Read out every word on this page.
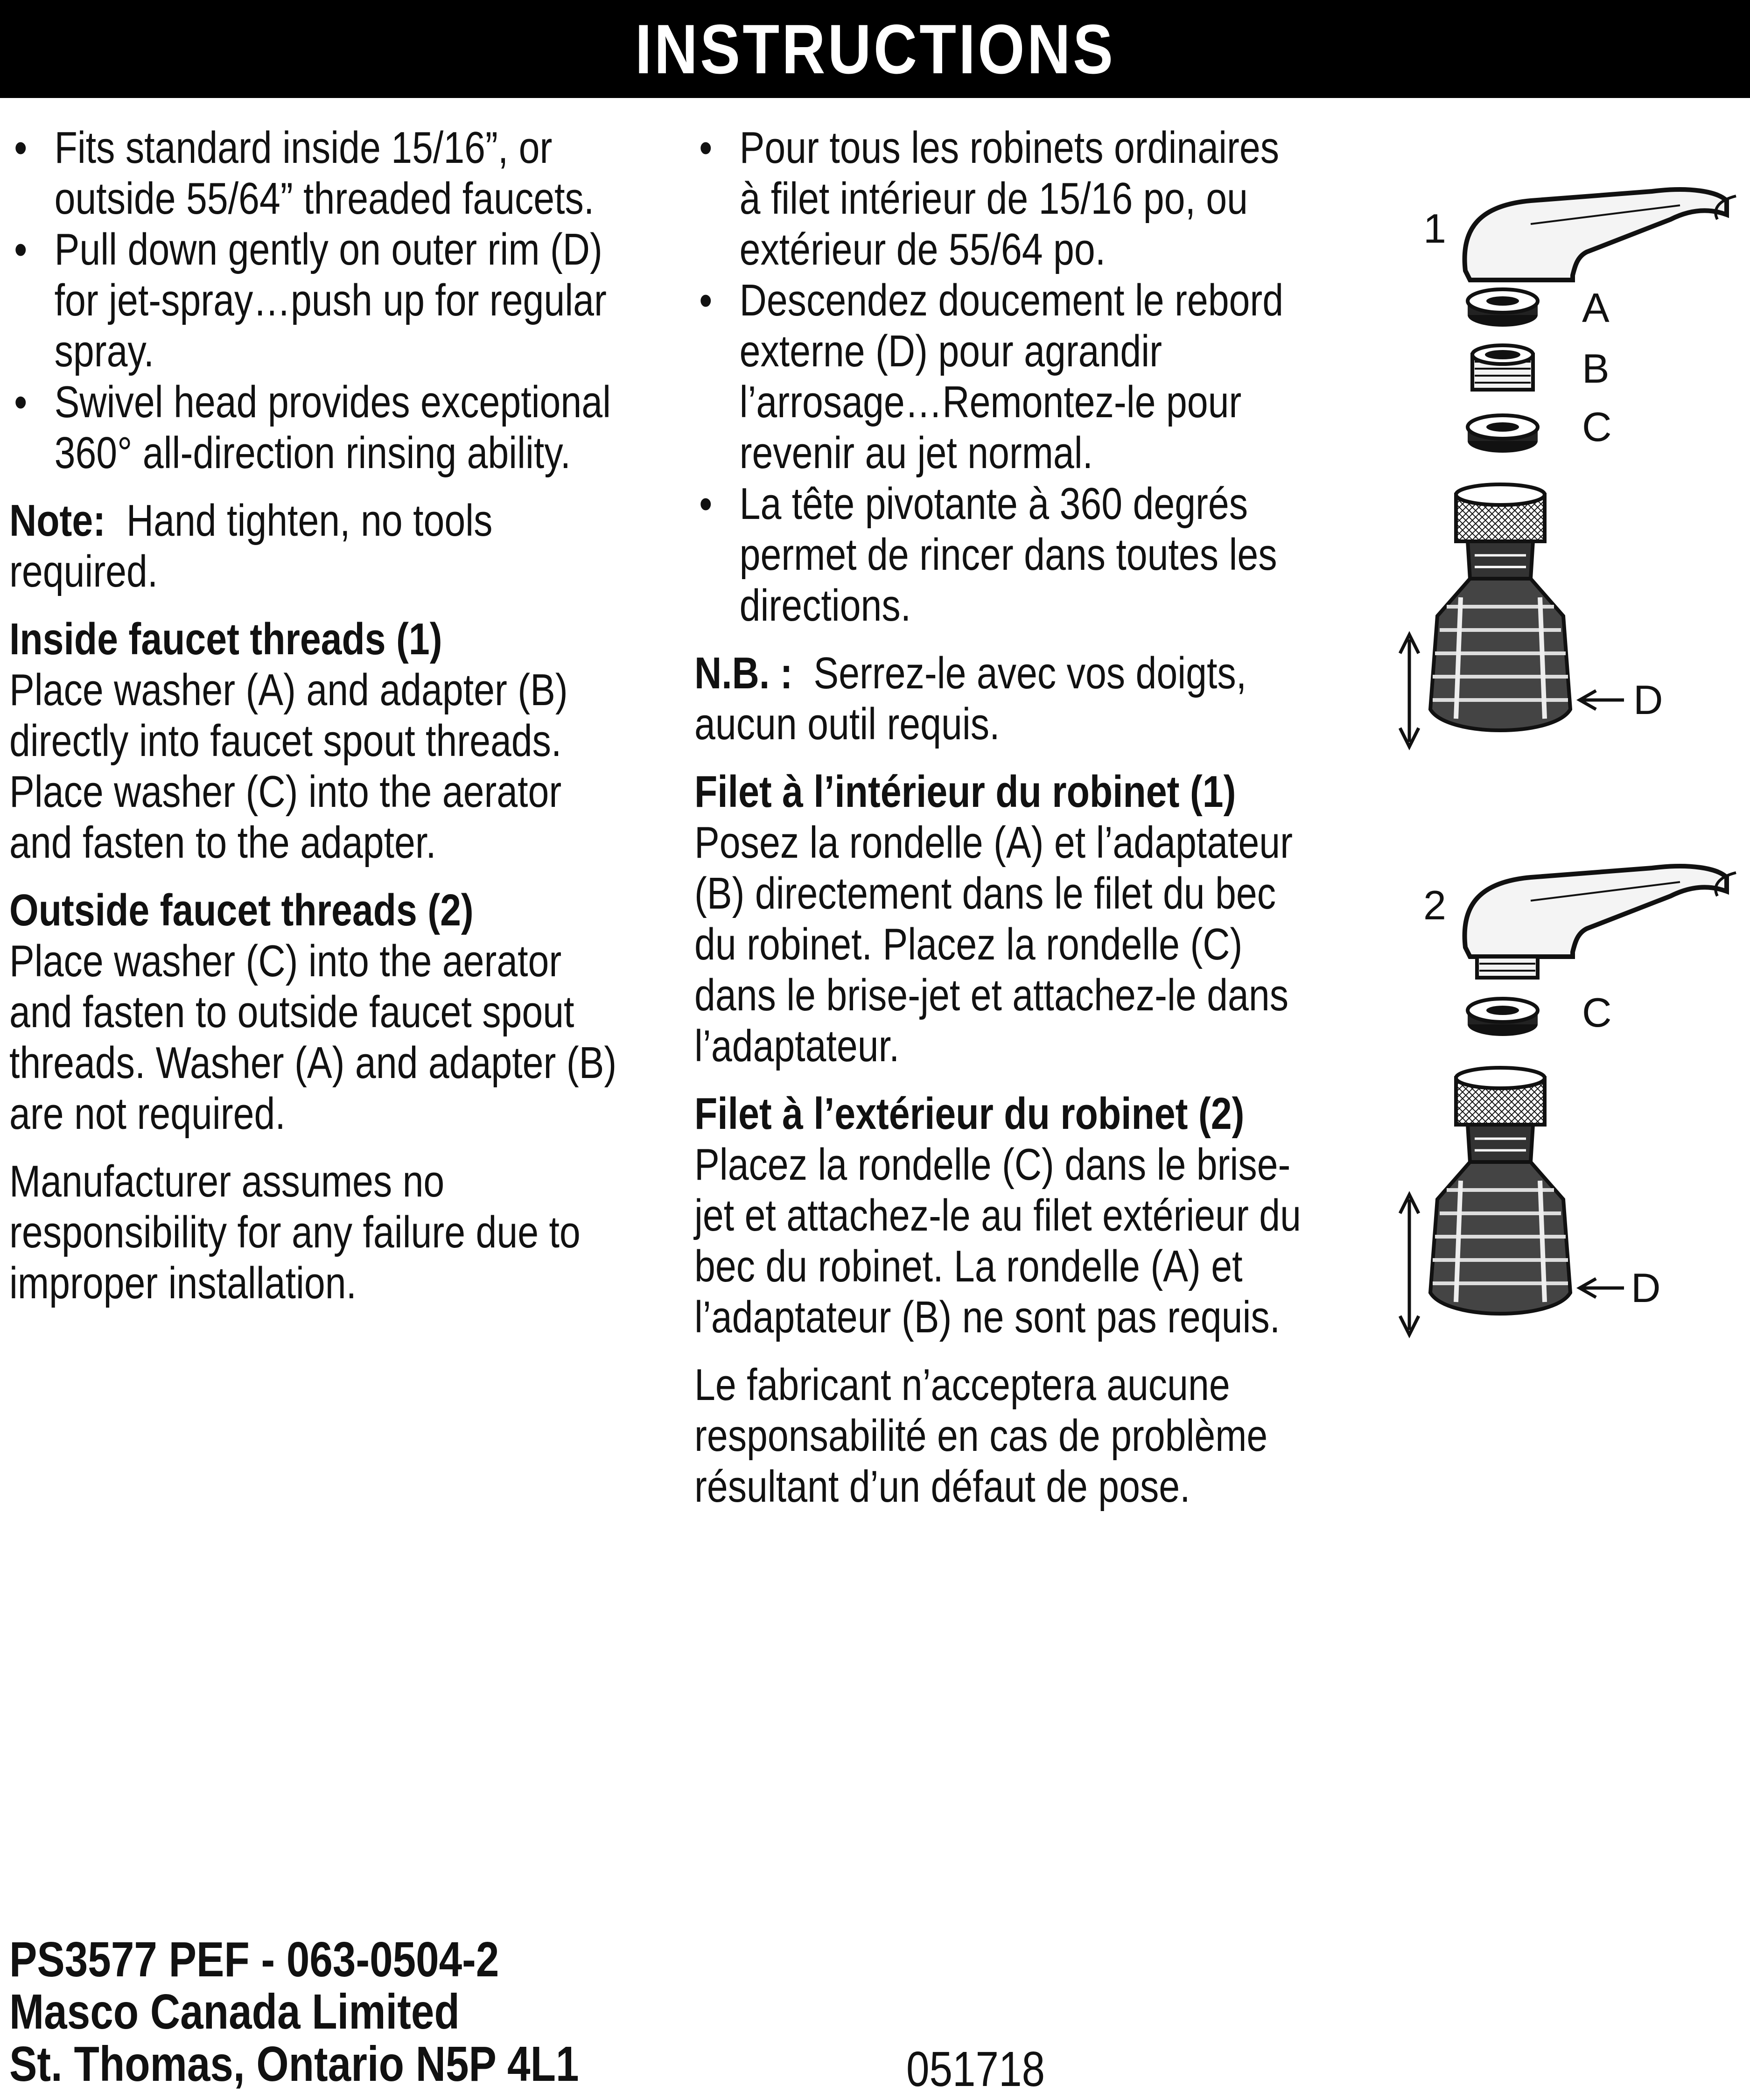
INSTRUCTIONS
• Fits standard inside 15/16”, or outside 55/64” threaded faucets.
• Pull down gently on outer rim (D) for jet-spray…push up for regular spray.
• Swivel head provides exceptional 360° all-direction rinsing ability.

Note: Hand tighten, no tools required.

Inside faucet threads (1)
Place washer (A) and adapter (B) directly into faucet spout threads. Place washer (C) into the aerator and fasten to the adapter.

Outside faucet threads (2)
Place washer (C) into the aerator and fasten to outside faucet spout threads. Washer (A) and adapter (B) are not required.

Manufacturer assumes no responsibility for any failure due to improper installation.

• Pour tous les robinets ordinaires à filet intérieur de 15/16 po, ou extérieur de 55/64 po.
• Descendez doucement le rebord externe (D) pour agrandir l’arrosage…Remontez-le pour revenir au jet normal.
• La tête pivotante à 360 degrés permet de rincer dans toutes les directions.

N.B. : Serrez-le avec vos doigts, aucun outil requis.

Filet à l’intérieur du robinet (1)
Posez la rondelle (A) et l’adaptateur (B) directement dans le filet du bec du robinet. Placez la rondelle (C) dans le brise-jet et attachez-le dans l’adaptateur.

Filet à l’extérieur du robinet (2)
Placez la rondelle (C) dans le brise-jet et attachez-le au filet extérieur du bec du robinet. La rondelle (A) et l’adaptateur (B) ne sont pas requis.

Le fabricant n’acceptera aucune responsabilité en cas de problème résultant d’un défaut de pose.

1
A
B
C
D
2
C
D
PS3577 PEF - 063-0504-2
Masco Canada Limited
St. Thomas, Ontario N5P 4L1	051718
